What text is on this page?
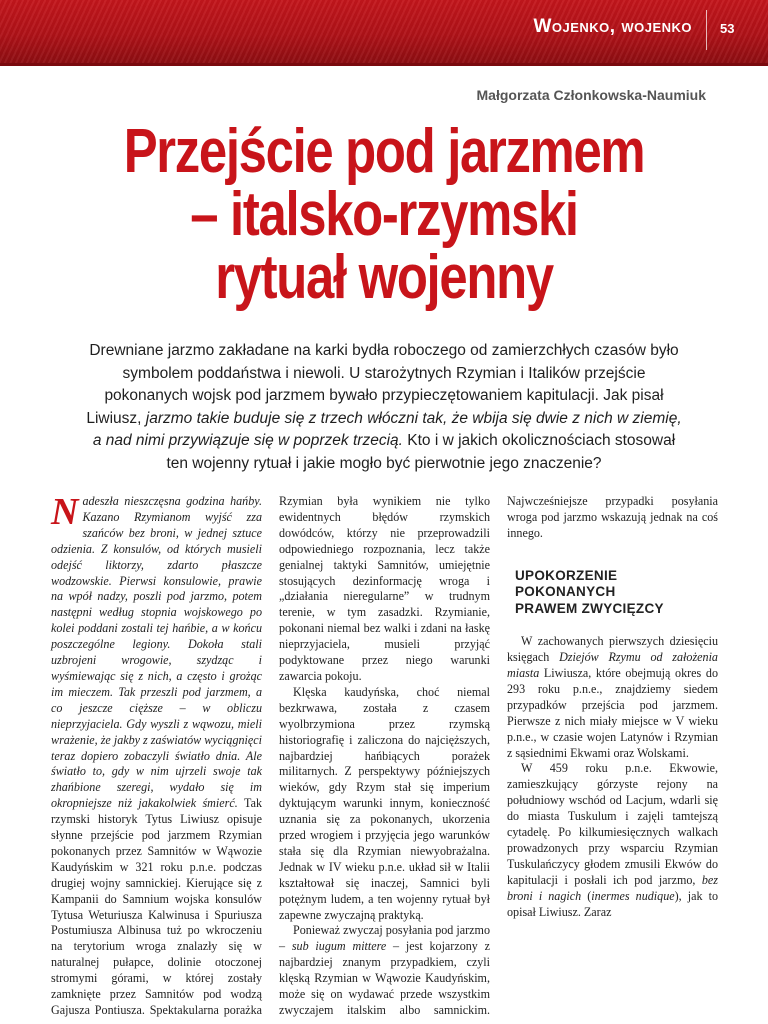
Wojenko, wojenko 53
Małgorzata Członkowska-Naumiuk
Przejście pod jarzmem
– italsko-rzymski
rytuał wojenny
Drewniane jarzmo zakładane na karki bydła roboczego od zamierzchłych czasów było
symbolem poddaństwa i niewoli. U starożytnych Rzymian i Italików przejście
pokonanych wojsk pod jarzmem bywało przypieczętowaniem kapitulacji. Jak pisał
Liwiusz, jarzmo takie buduje się z trzech włóczni tak, że wbija się dwie z nich w ziemię,
a nad nimi przywiązuje się w poprzek trzecią. Kto i w jakich okolicznościach stosował
ten wojenny rytuał i jakie mogło być pierwotnie jego znaczenie?

Nadeszła nieszczęsna godzina hańby. Kazano Rzymianom wyjść zza szańców bez broni, w jednej sztuce odzienia. Z konsulów, od których musieli odejść liktorzy, zdarto płaszcze wodzowskie. Pierwsi konsulowie, prawie na wpół nadzy, poszli pod jarzmo, potem następni według stopnia wojskowego po kolei poddani zostali tej hańbie, a w końcu poszczególne legiony. Dokoła stali uzbrojeni wrogowie, szydząc i wyśmiewając się z nich, a często i grożąc im mieczem. Tak przeszli pod jarzmem, a co jeszcze cięższe – w obliczu nieprzyjaciela. Gdy wyszli z wąwozu, mieli wrażenie, że jakby z zaświatów wyciągnięci teraz dopiero zobaczyli światło dnia. Ale światło to, gdy w nim ujrzeli swoje tak zhańbione szeregi, wydało się im okropniejsze niż jakakolwiek śmierć. Tak rzymski historyk Tytus Liwiusz opisuje słynne przejście pod jarzmem Rzymian pokonanych przez Samnitów w Wąwozie Kaudyńskim w 321 roku p.n.e. podczas drugiej wojny samnickiej. Kierujące się z Kampanii do Samnium wojska konsulów Tytusa Weturiusza Kalwinusa i Spuriusza Postumiusza Albinusa tuż po wkroczeniu na terytorium wroga znalazły się w naturalnej pułapce, dolinie otoczonej stromymi górami, w której zostały zamknięte przez Samnitów pod wodzą Gajusza Pontiusza. Spektakularna porażka Rzymian była wynikiem nie tylko ewidentnych błędów rzymskich dowódców, którzy nie przeprowadzili odpowiedniego rozpoznania, lecz także genialnej taktyki Samnitów, umiejętnie stosujących dezinformację wroga i „działania nieregularne” w trudnym terenie, w tym zasadzki. Rzymianie, pokonani niemal bez walki i zdani na łaskę nieprzyjaciela, musieli przyjąć podyktowane przez niego warunki zawarcia pokoju.

Klęska kaudyńska, choć niemal bezkrwawa, została z czasem wyolbrzymiona przez rzymską historiografię i zaliczona do najcięższych, najbardziej hańbiących porażek militarnych. Z perspektywy późniejszych wieków, gdy Rzym stał się imperium dyktującym warunki innym, konieczność uznania się za pokonanych, ukorzenia przed wrogiem i przyjęcia jego warunków stała się dla Rzymian niewyobrażalna. Jednak w IV wieku p.n.e. układ sił w Italii kształtował się inaczej, Samnici byli potężnym ludem, a ten wojenny rytuał był zapewne zwyczajną praktyką.

Ponieważ zwyczaj posyłania pod jarzmo – sub iugum mittere – jest kojarzony z najbardziej znanym przypadkiem, czyli klęską Rzymian w Wąwozie Kaudyńskim, może się on wydawać przede wszystkim zwyczajem italskim albo samnickim. Najwcześniejsze przypadki posyłania wroga pod jarzmo wskazują jednak na coś innego.

UPOKORZENIE
POKONANYCH
PRAWEM ZWYCIĘZCY

W zachowanych pierwszych dziesięciu księgach Dziejów Rzymu od założenia miasta Liwiusza, które obejmują okres do 293 roku p.n.e., znajdziemy siedem przypadków przejścia pod jarzmem. Pierwsze z nich miały miejsce w V wieku p.n.e., w czasie wojen Latynów i Rzymian z sąsiednimi Ekwami oraz Wolskami.

W 459 roku p.n.e. Ekwowie, zamieszkujący górzyste rejony na południowy wschód od Lacjum, wdarli się do miasta Tuskulum i zajęli tamtejszą cytadelę. Po kilkumiesięcznych walkach prowadzonych przy wsparciu Rzymian Tuskulańczycy głodem zmusili Ekwów do kapitulacji i posłali ich pod jarzmo, bez broni i nagich (inermes nudique), jak to opisał Liwiusz. Zaraz
